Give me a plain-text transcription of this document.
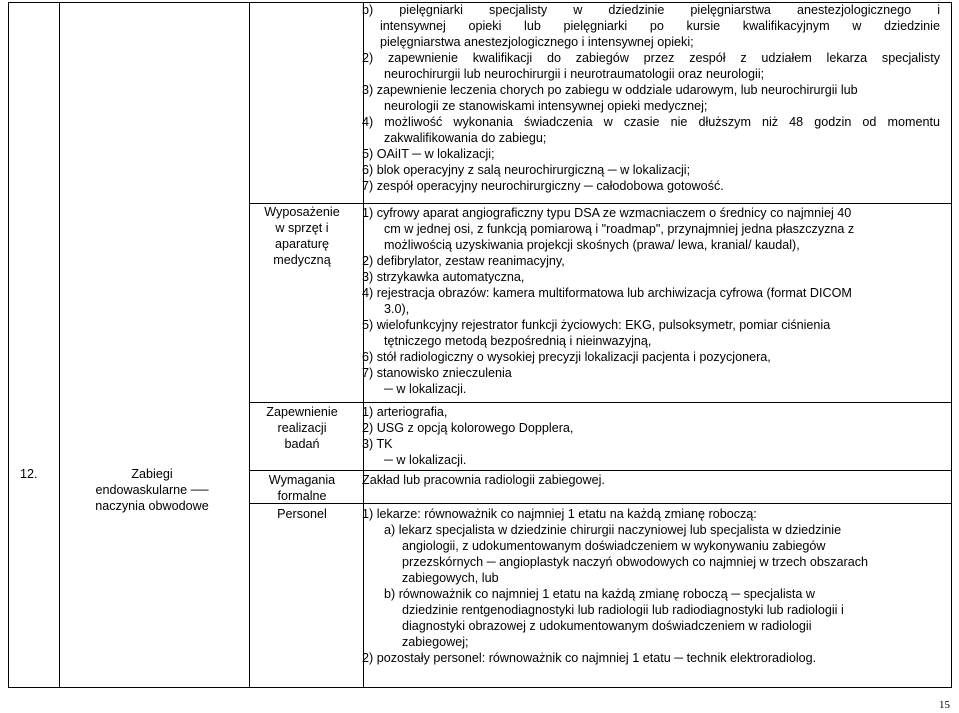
12.	Zabiegi
endowaskularne ──
naczynia obwodowe
b) pielęgniarki specjalisty w dziedzinie pielęgniarstwa anestezjologicznego i
intensywnej opieki lub pielęgniarki po kursie kwalifikacyjnym w dziedzinie
pielęgniarstwa anestezjologicznego i intensywnej opieki;
2) zapewnienie kwalifikacji do zabiegów przez zespół z udziałem lekarza specjalisty
neurochirurgii lub neurochirurgii i neurotraumatologii oraz neurologii;
3) zapewnienie leczenia chorych po zabiegu w oddziale udarowym, lub neurochirurgii lub
neurologii ze stanowiskami intensywnej opieki medycznej;
4) możliwość wykonania świadczenia w czasie nie dłuższym niż 48 godzin od momentu
zakwalifikowania do zabiegu;
5) OAiIT ─ w lokalizacji;
6) blok operacyjny z salą neurochirurgiczną ─ w lokalizacji;
7) zespół operacyjny neurochirurgiczny ─ całodobowa gotowość.
Wyposażenie
w sprzęt i
aparaturę
medyczną
1) cyfrowy aparat angiograficzny typu DSA ze wzmacniaczem o średnicy co najmniej 40
cm w jednej osi, z funkcją pomiarową i "roadmap", przynajmniej jedna płaszczyzna z
możliwością uzyskiwania projekcji skośnych (prawa/ lewa, kranial/ kaudal),
2) defibrylator, zestaw reanimacyjny,
3) strzykawka automatyczna,
4) rejestracja obrazów: kamera multiformatowa lub archiwizacja cyfrowa (format DICOM
3.0),
5) wielofunkcyjny rejestrator funkcji życiowych: EKG, pulsoksymetr, pomiar ciśnienia
tętniczego metodą bezpośrednią i nieinwazyjną,
6) stół radiologiczny o wysokiej precyzji lokalizacji pacjenta i pozycjonera,
7) stanowisko znieczulenia
─ w lokalizacji.
Zapewnienie
realizacji
badań
1) arteriografia,
2) USG z opcją kolorowego Dopplera,
3) TK
─ w lokalizacji.
Wymagania
formalne
Zakład lub pracownia radiologii zabiegowej.
Personel	1) lekarze: równoważnik co najmniej 1 etatu na każdą zmianę roboczą:
a) lekarz specjalista w dziedzinie chirurgii naczyniowej lub specjalista w dziedzinie
angiologii, z udokumentowanym doświadczeniem w wykonywaniu zabiegów
przezskórnych ─ angioplastyk naczyń obwodowych co najmniej w trzech obszarach
zabiegowych, lub
b) równoważnik co najmniej 1 etatu na każdą zmianę roboczą ─ specjalista w
dziedzinie rentgenodiagnostyki lub radiologii lub radiodiagnostyki lub radiologii i
diagnostyki obrazowej z udokumentowanym doświadczeniem w radiologii
zabiegowej;
2) pozostały personel: równoważnik co najmniej 1 etatu ─ technik elektroradiolog.
15
